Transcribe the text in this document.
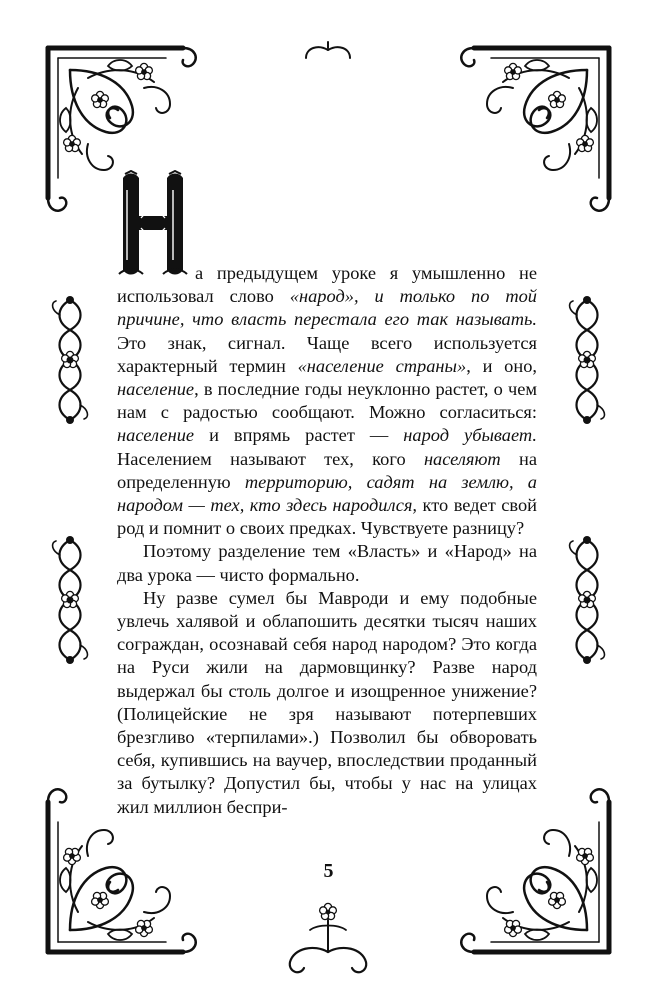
а предыдущем уроке я умышленно не использовал слово «народ», и только по той причине, что власть перестала его так называть. Это знак, сигнал. Чаще всего используется характерный термин «население страны», и оно, население, в последние годы неуклонно растет, о чем нам с радостью сообщают. Можно согласиться: население и впрямь растет — народ убывает. Населением называют тех, кого населяют на определенную территорию, садят на землю, а народом — тех, кто здесь народился, кто ведет свой род и помнит о своих предках. Чувствуете разницу?

Поэтому разделение тем «Власть» и «Народ» на два урока — чисто формально.

Ну разве сумел бы Мавроди и ему подобные увлечь халявой и облапошить десятки тысяч наших сограждан, осознавай себя народ народом? Это когда на Руси жили на дармовщинку? Разве народ выдержал бы столь долгое и изощренное унижение? (Полицейские не зря называют потерпевших брезгливо «терпилами».) Позволил бы обворовать себя, купившись на ваучер, впоследствии проданный за бутылку? Допустил бы, чтобы у нас на улицах жил миллион беспри-

5
